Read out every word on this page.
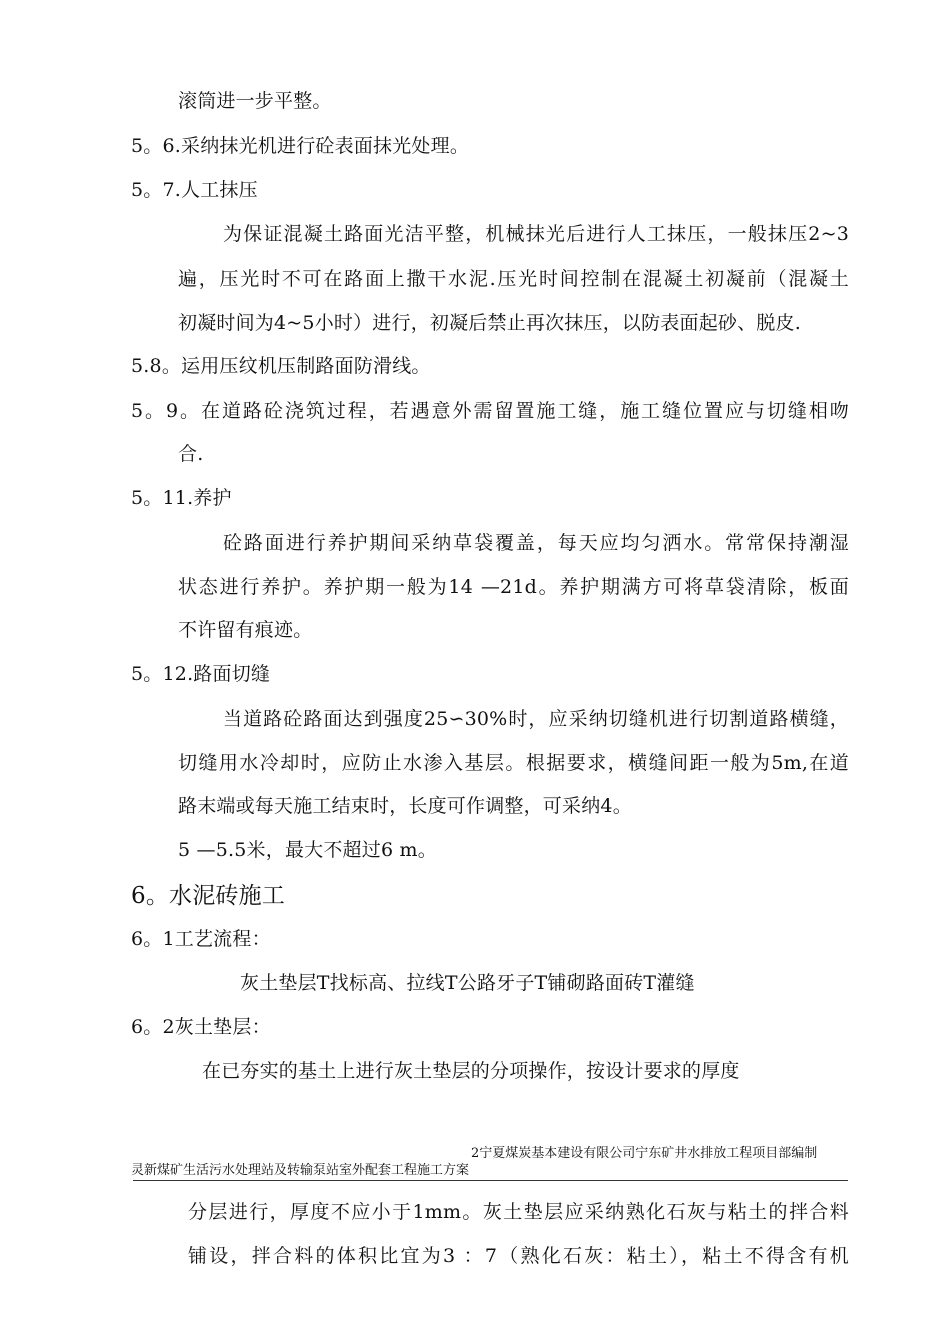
滚筒进一步平整。
5。6.采纳抹光机进行砼表面抹光处理。
5。7.人工抹压
为保证混凝土路面光洁平整，机械抹光后进行人工抹压，一般抹压2~3
遍，压光时不可在路面上撒干水泥.压光时间控制在混凝土初凝前（混凝土
初凝时间为4~5小时）进行，初凝后禁止再次抹压，以防表面起砂、脱皮.
5.8。运用压纹机压制路面防滑线。
5。9。在道路砼浇筑过程，若遇意外需留置施工缝，施工缝位置应与切缝相吻
合.
5。11.养护
砼路面进行养护期间采纳草袋覆盖，每天应均匀洒水。常常保持潮湿
状态进行养护。养护期一般为14 —21d。养护期满方可将草袋清除，板面
不许留有痕迹。
5。12.路面切缝
当道路砼路面达到强度25∽30%时，应采纳切缝机进行切割道路横缝，
切缝用水冷却时，应防止水渗入基层。根据要求，横缝间距一般为5m,在道
路末端或每天施工结束时，长度可作调整，可采纳4。
5 —5.5米，最大不超过6 m。
6。水泥砖施工
6。1工艺流程：
灰土垫层T找标高、拉线T公路牙子T铺砌路面砖T灌缝
6。2灰土垫层：
在已夯实的基土上进行灰土垫层的分项操作，按设计要求的厚度
2宁夏煤炭基本建设有限公司宁东矿井水排放工程项目部编制
灵新煤矿生活污水处理站及转输泵站室外配套工程施工方案
分层进行，厚度不应小于1mm。灰土垫层应采纳熟化石灰与粘土的拌合料
铺设，拌合料的体积比宜为3 ：7（熟化石灰：粘土），粘土不得含有机
